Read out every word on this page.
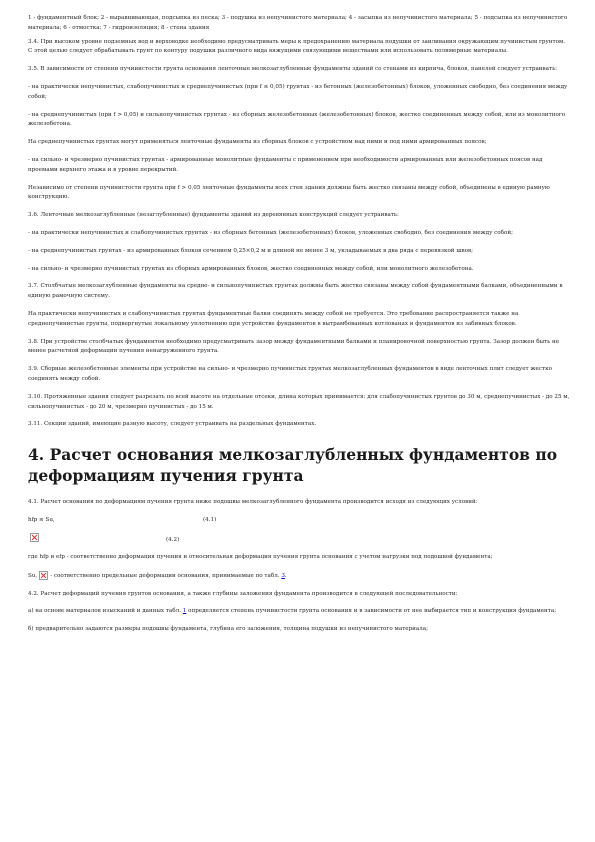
1 - фундаментный блок; 2 - выравнивающая, подсыпка из песка; 3 - подушка из непучинистого материала; 4 - засыпка из непучинистого материала; 5 - подсыпка из непучинистого материала; 6 - отмостка; 7 - гидроизоляция; 8 - стена здания

3.4. При высоком уровне подземных вод и верховодке необходимо предусматривать меры к предохранению материала подушки от заиливания окружающим пучинистым грунтом. С этой целью следует обрабатывать грунт по контуру подушки различного вида вяжущими связующими веществами или использовать полимерные материалы.

3.5. В зависимости от степени пучинистости грунта основания ленточные мелкозаглубленные фундаменты зданий со стенами из кирпича, блоков, панелей следует устраивать:

- на практически непучинистых, слабопучинистых и среднепучинистых (при f ≤ 0,05) грунтах - из бетонных (железобетонных) блоков, уложенных свободно, без соединения между собой;

- на среднепучинистых (при f > 0,05) и сильнопучинистых грунтах - из сборных железобетонных (железобетонных) блоков, жестко соединенных между собой, или из монолитного железобетона.

На среднепучинистых грунтах могут применяться ленточные фундаменты из сборных блоков с устройством над ними и под ними армированных поясов;

- на сильно- и чрезмерно пучинистых грунтах - армированные монолитные фундаменты с применением при необходимости армированных или железобетонных поясов над проемами верхнего этажа и в уровне перекрытий.

Независимо от степени пучинистости грунта при f > 0,05 ленточные фундаменты всех стен здания должны быть жестко связаны между собой, объединены в единую рамную конструкцию.

3.6. Ленточные мелкозаглубленные (незаглубленные) фундаменты зданий из деревянных конструкций следует устраивать:

- на практически непучинистых и слабопучинистых грунтах - из сборных бетонных (железобетонных) блоков, уложенных свободно, без соединения между собой;

- на среднепучинистых грунтах - из армированных блоков сечением 0,25×0,2 м и длиной не менее 3 м, укладываемых в два ряда с перевязкой швов;

- на сильно- и чрезмерно пучинистых грунтах из сборных армированных блоков, жестко соединенных между собой, или монолитного железобетона.

3.7. Столбчатые мелкозаглубленные фундаменты на средне- и сильнопучинистых грунтах должны быть жестко связаны между собой фундаментными балками, объединенными в единую рамочную систему.

На практически непучинистых и слабопучинистых грунтах фундаментные балки соединять между собой не требуется. Это требование распространяется также на среднепучинистые грунты, подвергнутые локальному уплотнению при устройстве фундаментов в вытрамбованных котлованах и фундаментов из забивных блоков.

3.8. При устройстве столбчатых фундаментов необходимо предусматривать зазор между фундаментными балками и планировочной поверхностью грунта. Зазор должен быть не менее расчетной деформации пучения ненагруженного грунта.

3.9. Сборные железобетонные элементы при устройстве на сильно- и чрезмерно пучинистых грунтах мелкозаглубленных фундаментов в виде ленточных плит следует жестко соединять между собой.

3.10. Протяженные здания следует разрезать по всей высоте на отдельные отсеки, длина которых принимается: для слабопучинистых грунтов до 30 м, среднепучинистых - до 25 м, сильнопучинистых - до 20 м, чрезмерно пучинистых - до 15 м.

3.11. Секции зданий, имеющие разную высоту, следует устраивать на раздельных фундаментах.

4. Расчет основания мелкозаглубленных фундаментов по деформациям пучения грунта

4.1. Расчет основания по деформациям пучения грунта ниже подошвы мелкозаглубленного фундамента производится исходя из следующих условий:

hfp ≤ Su,	(4.1)
(4.2)

где hfp и efp - соответственно деформация пучения и относительная деформация пучения грунта основания с учетом нагрузки под подошвой фундамента;

Su, - соответственно предельные деформации основания, принимаемые по табл. 3.

4.2. Расчет деформаций пучения грунтов основания, а также глубины заложения фундамента производится в следующей последовательности:

а) на основе материалов изысканий и данных табл. 1 определяется степень пучинистости грунта основания и в зависимости от нее выбирается тип и конструкция фундамента;

б) предварительно задаются размеры подошвы фундамента, глубина его заложения, толщина подушки из непучинистого материала;
